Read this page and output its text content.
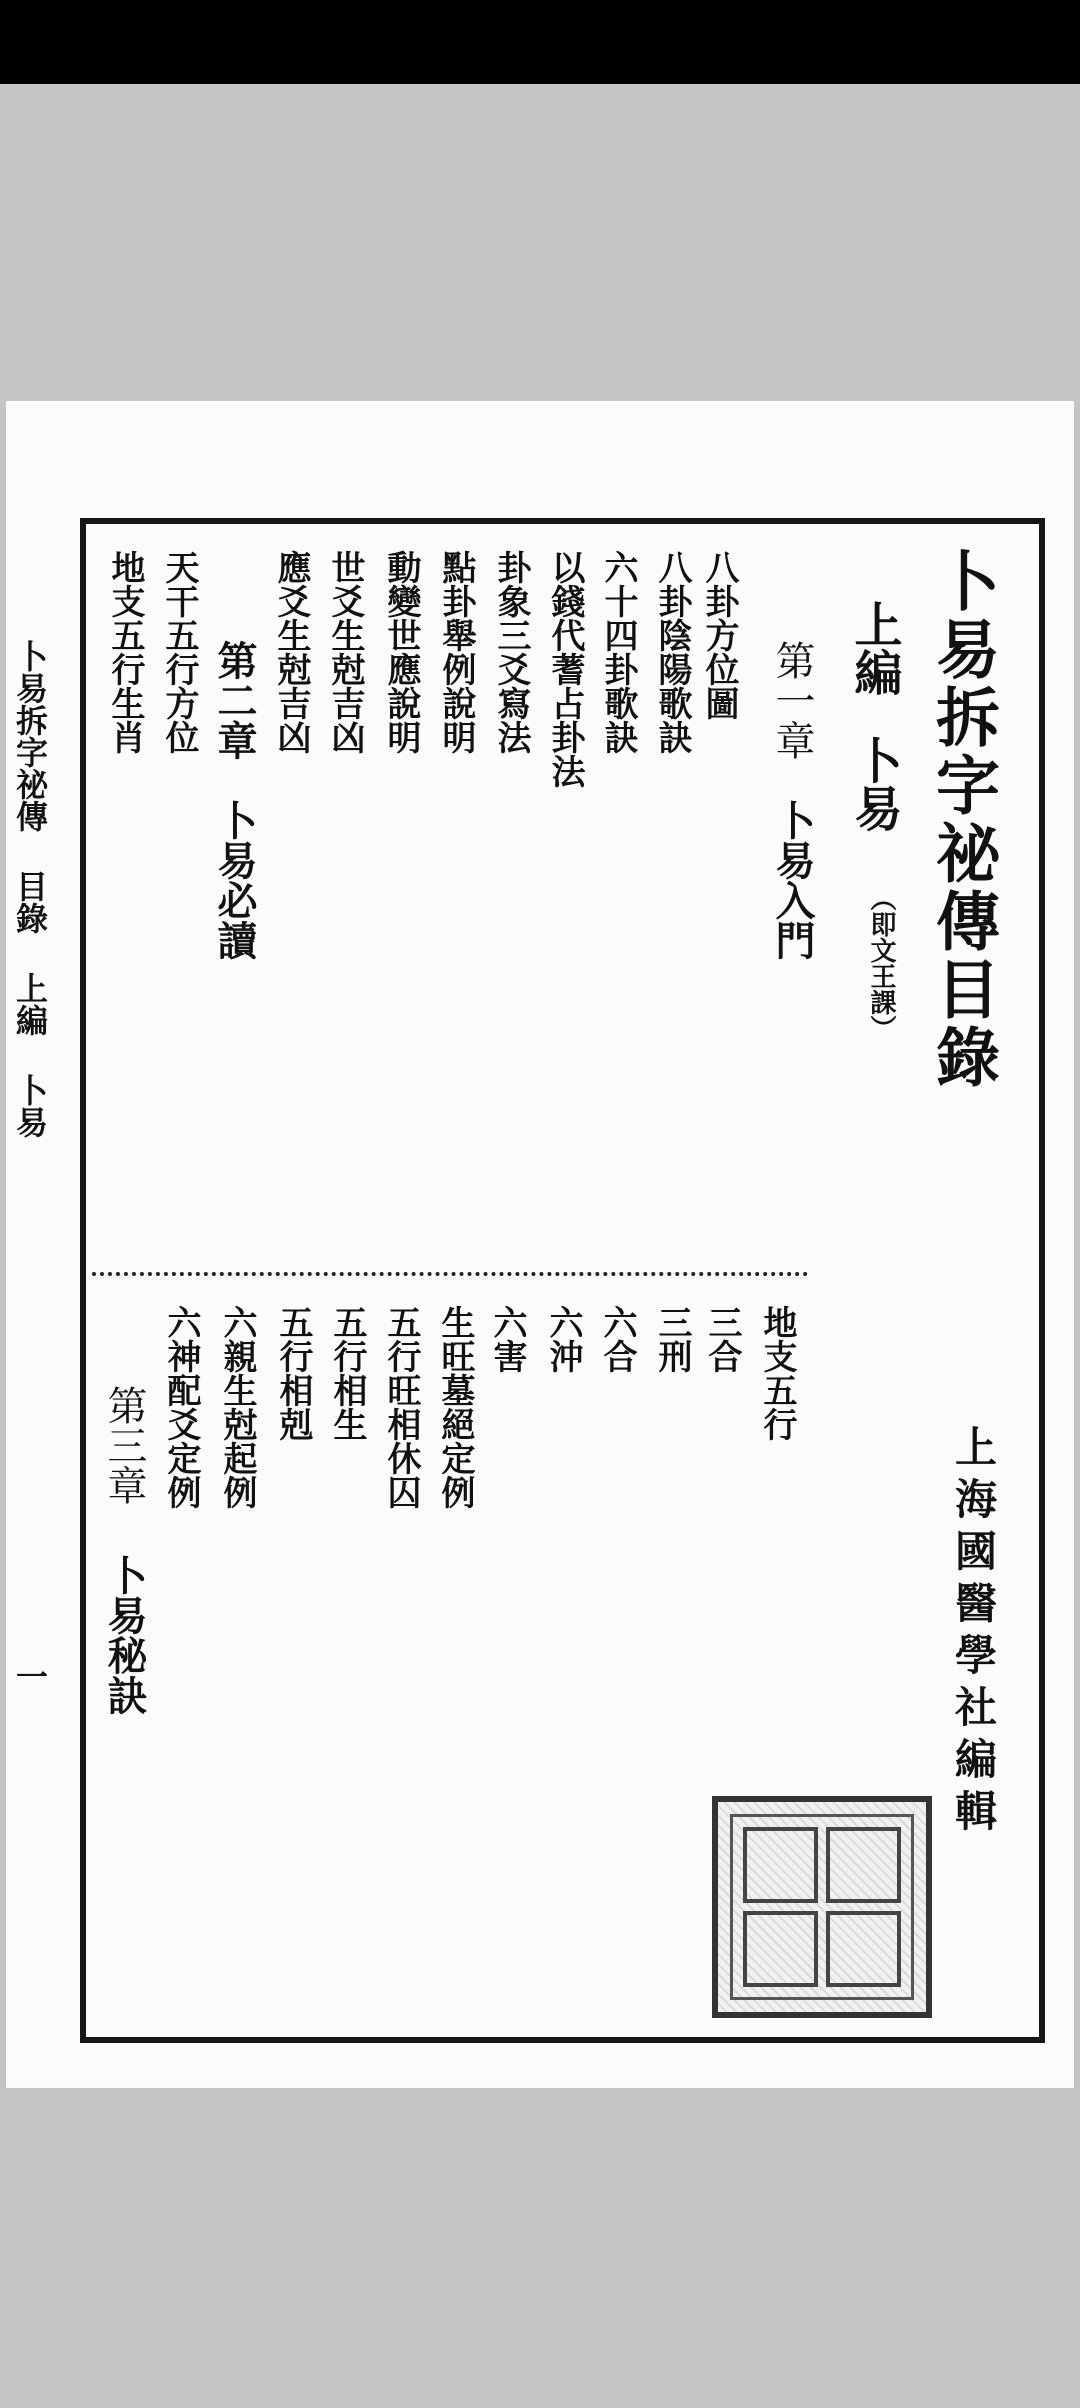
卜易拆字祕傳 目錄 上編 卜易
一
卜易拆字祕傳目錄
上編卜易
（即文王課）
第一章卜易入門
八卦方位圖
八卦陰陽歌訣
六十四卦歌訣
以錢代蓍占卦法
卦象三爻寫法
點卦舉例說明
動變世應說明
世爻生尅吉凶
應爻生尅吉凶
第二章卜易必讀
天干五行方位
地支五行生肖
地支五行
三合
三刑
六合
六沖
六害
生旺墓絕定例
五行旺相休囚
五行相生
五行相剋
六親生尅起例
六神配爻定例
第三章卜易秘訣	上海國醫學社編輯
